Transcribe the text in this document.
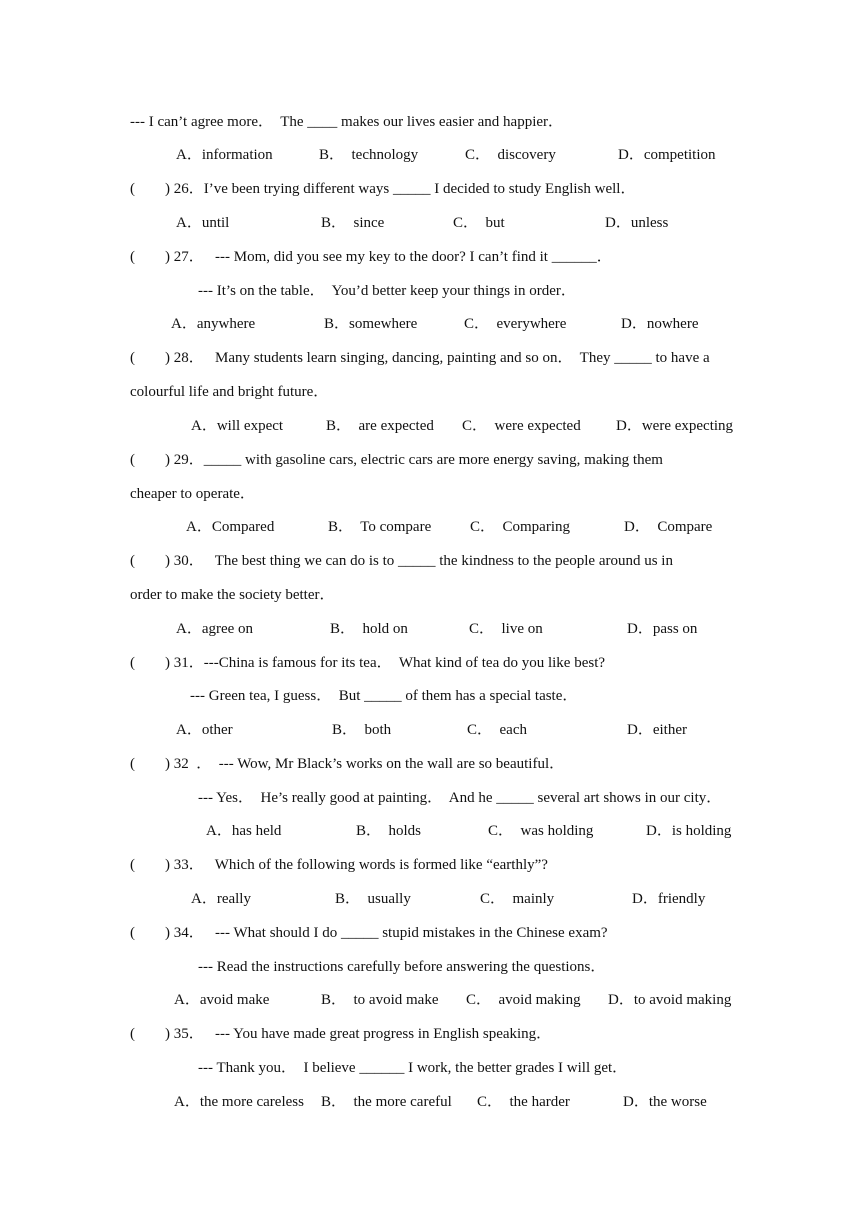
--- I can’t agree more．  The ____ makes our lives easier and happier．
A．information	B．  technology	C．  discovery	D．competition
(        ) 26．I’ve been trying different ways _____ I decided to study English well．
A．until	B．  since	C．  but	D．unless
(        ) 27．   --- Mom, did you see my key to the door? I can’t find it ______．
--- It’s on the table．  You’d better keep your things in order．
A．anywhere	B．somewhere	C．  everywhere	D．nowhere
(        ) 28．   Many students learn singing, dancing, painting and so on．  They _____ to have a
colourful life and bright future．
A．will expect	B．  are expected C．  were expected D．were expecting
(        ) 29．_____ with gasoline cars, electric cars are more energy saving, making them
cheaper to operate．
A．Compared	B．  To compare	C．  Comparing	D．  Compare
(        ) 30．   The best thing we can do is to _____ the kindness to the people around us in
order to make the society better．
A．agree on	B．  hold on	C．  live on	D．pass on
(        ) 31．---China is famous for its tea．  What kind of tea do you like best?
--- Green tea, I guess．  But _____ of them has a special taste．
A．other	B．  both	C．  each	D．either
(        ) 32  ．  --- Wow, Mr Black’s works on the wall are so beautiful．
--- Yes．  He’s really good at painting．  And he _____ several art shows in our city．
A．has held	B．  holds	C．  was holding	D．is holding
(        ) 33．   Which of the following words is formed like “earthly”?
A．really	B．  usually	C．  mainly	D．friendly
(        ) 34．   --- What should I do _____ stupid mistakes in the Chinese exam?
--- Read the instructions carefully before answering the questions．
A．avoid make	B．  to avoid make C．  avoid making D．to avoid making
(        ) 35．   --- You have made great progress in English speaking．
--- Thank you．  I believe ______ I work, the better grades I will get．
A．the more careless B．  the more careful C．  the harder	D．the worse
